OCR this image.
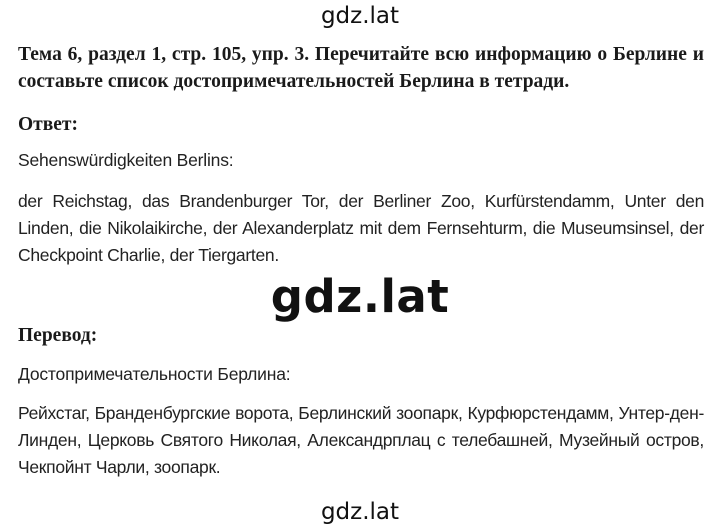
gdz.lat

Тема 6, раздел 1, стр. 105, упр. 3. Перечитайте всю информацию о Берлине и составьте список достопримечательностей Берлина в тетради.

Ответ:

Sehenswürdigkeiten Berlins:

der Reichstag, das Brandenburger Tor, der Berliner Zoo, Kurfürstendamm, Unter den Linden, die Nikolaikirche, der Alexanderplatz mit dem Fernsehturm, die Museumsinsel, der Checkpoint Charlie, der Tiergarten.

gdz.lat

Перевод:

Достопримечательности Берлина:

Рейхстаг, Бранденбургские ворота, Берлинский зоопарк, Курфюрстендамм, Унтер-ден-Линден, Церковь Святого Николая, Александрплац с телебашней, Музейный остров, Чекпойнт Чарли, зоопарк.

gdz.lat
